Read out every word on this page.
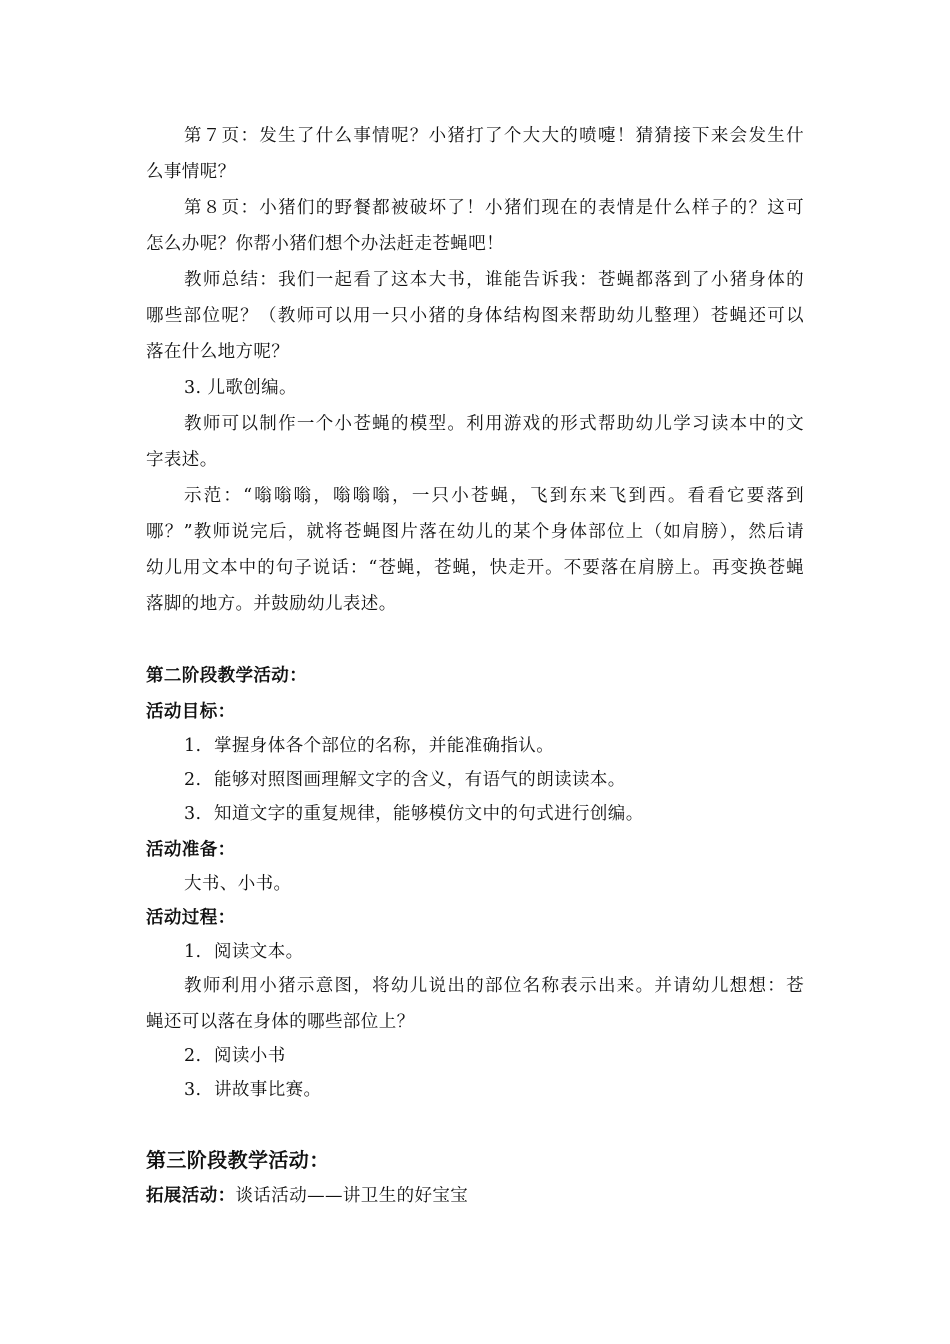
第７页：发生了什么事情呢？小猪打了个大大的喷嚏！猜猜接下来会发生什
么事情呢？
第８页：小猪们的野餐都被破坏了！小猪们现在的表情是什么样子的？这可
怎么办呢？你帮小猪们想个办法赶走苍蝇吧！
教师总结：我们一起看了这本大书，谁能告诉我：苍蝇都落到了小猪身体的
哪些部位呢？（教师可以用一只小猪的身体结构图来帮助幼儿整理）苍蝇还可以
落在什么地方呢？
3. 儿歌创编。
教师可以制作一个小苍蝇的模型。利用游戏的形式帮助幼儿学习读本中的文
字表述。
示范：“嗡嗡嗡，嗡嗡嗡，一只小苍蝇，飞到东来飞到西。看看它要落到
哪？”教师说完后，就将苍蝇图片落在幼儿的某个身体部位上（如肩膀），然后请
幼儿用文本中的句子说话：“苍蝇，苍蝇，快走开。不要落在肩膀上。再变换苍蝇
落脚的地方。并鼓励幼儿表述。
第二阶段教学活动：
活动目标：
1. 掌握身体各个部位的名称，并能准确指认。
2. 能够对照图画理解文字的含义，有语气的朗读读本。
3. 知道文字的重复规律，能够模仿文中的句式进行创编。
活动准备：
大书、小书。
活动过程：
1. 阅读文本。
教师利用小猪示意图，将幼儿说出的部位名称表示出来。并请幼儿想想：苍
蝇还可以落在身体的哪些部位上？
2. 阅读小书
3. 讲故事比赛。
第三阶段教学活动：
拓展活动：谈话活动——讲卫生的好宝宝
